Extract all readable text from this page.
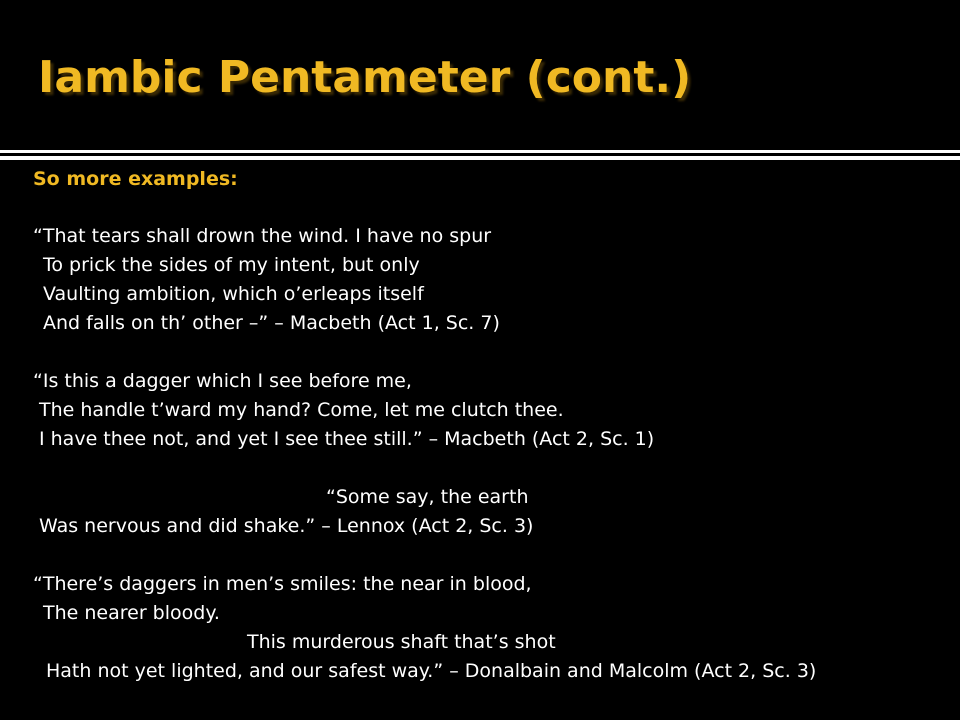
Iambic Pentameter (cont.)

So more examples:

“That tears shall drown the wind. I have no spur

To prick the sides of my intent, but only

Vaulting ambition, which o’erleaps itself

And falls on th’ other –” – Macbeth (Act 1, Sc. 7)

“Is this a dagger which I see before me,

The handle t’ward my hand? Come, let me clutch thee.

I have thee not, and yet I see thee still.” – Macbeth (Act 2, Sc. 1)

“Some say, the earth

Was nervous and did shake.” – Lennox (Act 2, Sc. 3)

“There’s daggers in men’s smiles: the near in blood,

The nearer bloody.

This murderous shaft that’s shot

Hath not yet lighted, and our safest way.” – Donalbain and Malcolm (Act 2, Sc. 3)
